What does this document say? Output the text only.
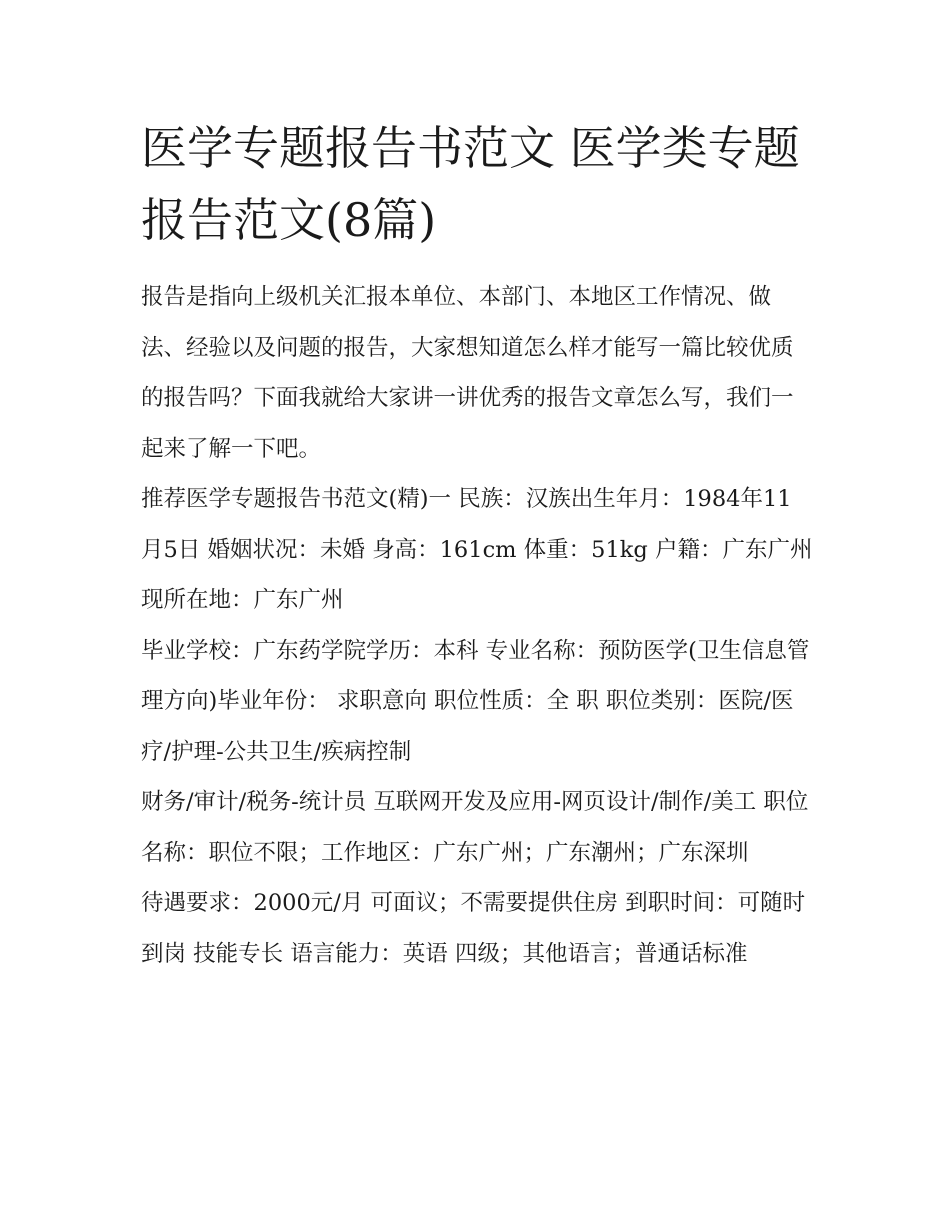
医学专题报告书范文 医学类专题报告范文(8篇)

报告是指向上级机关汇报本单位、本部门、本地区工作情况、做法、经验以及问题的报告，大家想知道怎么样才能写一篇比较优质的报告吗？下面我就给大家讲一讲优秀的报告文章怎么写，我们一起来了解一下吧。

推荐医学专题报告书范文(精)一 民族：汉族出生年月：1984年11月5日 婚姻状况：未婚 身高：161cm 体重：51kg 户籍：广东广州现所在地：广东广州

毕业学校：广东药学院学历：本科 专业名称：预防医学(卫生信息管理方向)毕业年份： 求职意向 职位性质：全 职 职位类别：医院/医疗/护理-公共卫生/疾病控制

财务/审计/税务-统计员 互联网开发及应用-网页设计/制作/美工 职位名称：职位不限；工作地区：广东广州；广东潮州；广东深圳

待遇要求：2000元/月 可面议；不需要提供住房 到职时间：可随时到岗 技能专长 语言能力：英语 四级；其他语言；普通话标准
